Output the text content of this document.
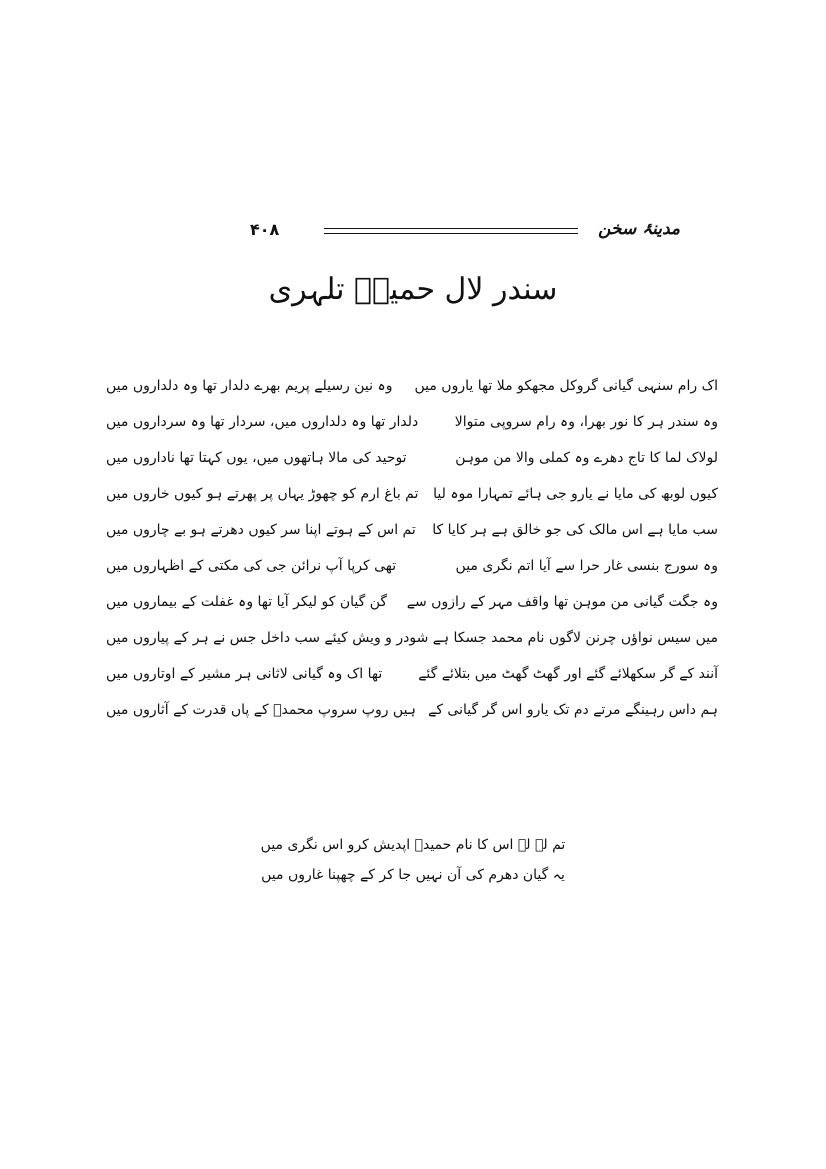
۴۰۸	مدینۂ سخن
سندر لال حمیدؔ تلہری
اک رام سنہی گیانی گروکل مجھکو ملا تھا یاروں میں
وہ نین رسیلے پریم بھرے دلدار تھا وہ دلداروں میں
وہ سندر ہر کا نور بھرا، وہ رام سروپی متوالا
دلدار تھا وہ دلداروں میں، سردار تھا وہ سرداروں میں
لولاک لما کا تاج دھرے وہ کملی والا من موہن
توحید کی مالا ہاتھوں میں، یوں کہتا تھا ناداروں میں
کیوں لوبھ کی مایا نے یارو جی ہائے تمہارا موہ لیا
تم باغ ارم کو چھوڑ یہاں پر پھرتے ہو کیوں خاروں میں
سب مایا ہے اس مالک کی جو خالق ہے ہر کایا کا
تم اس کے ہوتے اپنا سر کیوں دھرتے ہو بے چاروں میں
وہ سورج بنسی غار حرا سے آیا اتم نگری میں
تھی کرپا آپ نرائن جی کی مکتی کے اظہاروں میں
وہ جگت گیانی من موہن تھا واقف مہر کے رازوں سے
گن گیان کو لیکر آیا تھا وہ غفلت کے بیماروں میں
میں سیس نواؤں چرنن لاگوں نام محمد جسکا ہے
شودر و ویش کیئے سب داخل جس نے ہر کے پیاروں میں
آنند کے گر سکھلائے گئے اور گھٹ گھٹ میں بتلائے گئے
تھا اک وہ گیانی لاثانی ہر مشیر کے اوتاروں میں
ہم داس رہینگے مرتے دم تک یارو اس گر گیانی کے
ہیں روپ سروپ محمدؐ کے پاں قدرت کے آثاروں میں
تم لے لے اس کا نام حمیدؔ اپدیش کرو اس نگری میں
یہ گیان دھرم کی آن نہیں جا کر کے چھپنا غاروں میں
